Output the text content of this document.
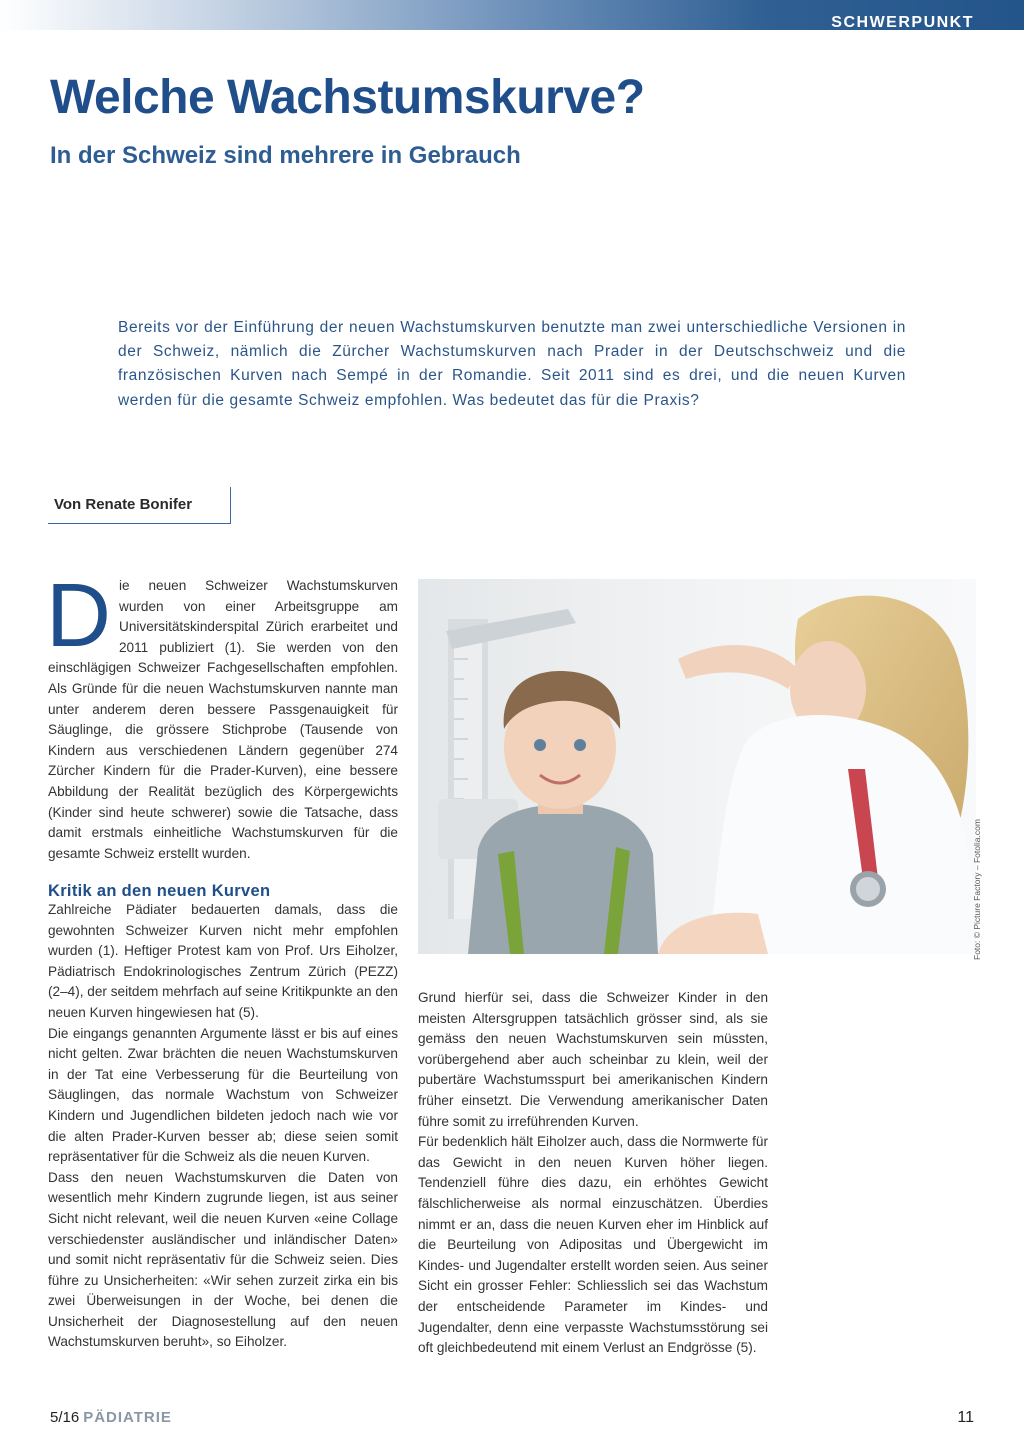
SCHWERPUNKT
Welche Wachstumskurve?
In der Schweiz sind mehrere in Gebrauch
Bereits vor der Einführung der neuen Wachstumskurven benutzte man zwei unterschiedliche Versionen in der Schweiz, nämlich die Zürcher Wachstumskurven nach Prader in der Deutschschweiz und die französischen Kurven nach Sempé in der Romandie. Seit 2011 sind es drei, und die neuen Kurven werden für die gesamte Schweiz empfohlen. Was bedeutet das für die Praxis?
Von Renate Bonifer

Die neuen Schweizer Wachstumskurven wurden von einer Arbeitsgruppe am Universitätskinderspital Zürich erarbeitet und 2011 publiziert (1). Sie werden von den einschlägigen Schweizer Fachgesellschaften empfohlen. Als Gründe für die neuen Wachstumskurven nannte man unter anderem deren bessere Passgenauigkeit für Säuglinge, die grössere Stichprobe (Tausende von Kindern aus verschiedenen Ländern gegenüber 274 Zürcher Kindern für die Prader-Kurven), eine bessere Abbildung der Realität bezüglich des Körpergewichts (Kinder sind heute schwerer) sowie die Tatsache, dass damit erstmals einheitliche Wachstumskurven für die gesamte Schweiz erstellt wurden.

Kritik an den neuen Kurven

Zahlreiche Pädiater bedauerten damals, dass die gewohnten Schweizer Kurven nicht mehr empfohlen wurden (1). Heftiger Protest kam von Prof. Urs Eiholzer, Pädiatrisch Endokrinologisches Zentrum Zürich (PEZZ) (2–4), der seitdem mehrfach auf seine Kritikpunkte an den neuen Kurven hingewiesen hat (5).

Die eingangs genannten Argumente lässt er bis auf eines nicht gelten. Zwar brächten die neuen Wachstumskurven in der Tat eine Verbesserung für die Beurteilung von Säuglingen, das normale Wachstum von Schweizer Kindern und Jugendlichen bildeten jedoch nach wie vor die alten Prader-Kurven besser ab; diese seien somit repräsentativer für die Schweiz als die neuen Kurven.

Dass den neuen Wachstumskurven die Daten von wesentlich mehr Kindern zugrunde liegen, ist aus seiner Sicht nicht relevant, weil die neuen Kurven «eine Collage verschiedenster ausländischer und inländischer Daten» und somit nicht repräsentativ für die Schweiz seien. Dies führe zu Unsicherheiten: «Wir sehen zurzeit zirka ein bis zwei Überweisungen in der Woche, bei denen die Unsicherheit der Diagnosestellung auf den neuen Wachstumskurven beruht», so Eiholzer.

Foto: © Picture Factory – Fotolia.com

Grund hierfür sei, dass die Schweizer Kinder in den meisten Altersgruppen tatsächlich grösser sind, als sie gemäss den neuen Wachstumskurven sein müssten, vorübergehend aber auch scheinbar zu klein, weil der pubertäre Wachstumsspurt bei amerikanischen Kindern früher einsetzt. Die Verwendung amerikanischer Daten führe somit zu irreführenden Kurven.

Für bedenklich hält Eiholzer auch, dass die Normwerte für das Gewicht in den neuen Kurven höher liegen. Tendenziell führe dies dazu, ein erhöhtes Gewicht fälschlicherweise als normal einzuschätzen. Überdies nimmt er an, dass die neuen Kurven eher im Hinblick auf die Beurteilung von Adipositas und Übergewicht im Kindes- und Jugendalter erstellt worden seien. Aus seiner Sicht ein grosser Fehler: Schliesslich sei das Wachstum der entscheidende Parameter im Kindes- und Jugendalter, denn eine verpasste Wachstumsstörung sei oft gleichbedeutend mit einem Verlust an Endgrösse (5).

5/16 PÄDIATRIE	11
